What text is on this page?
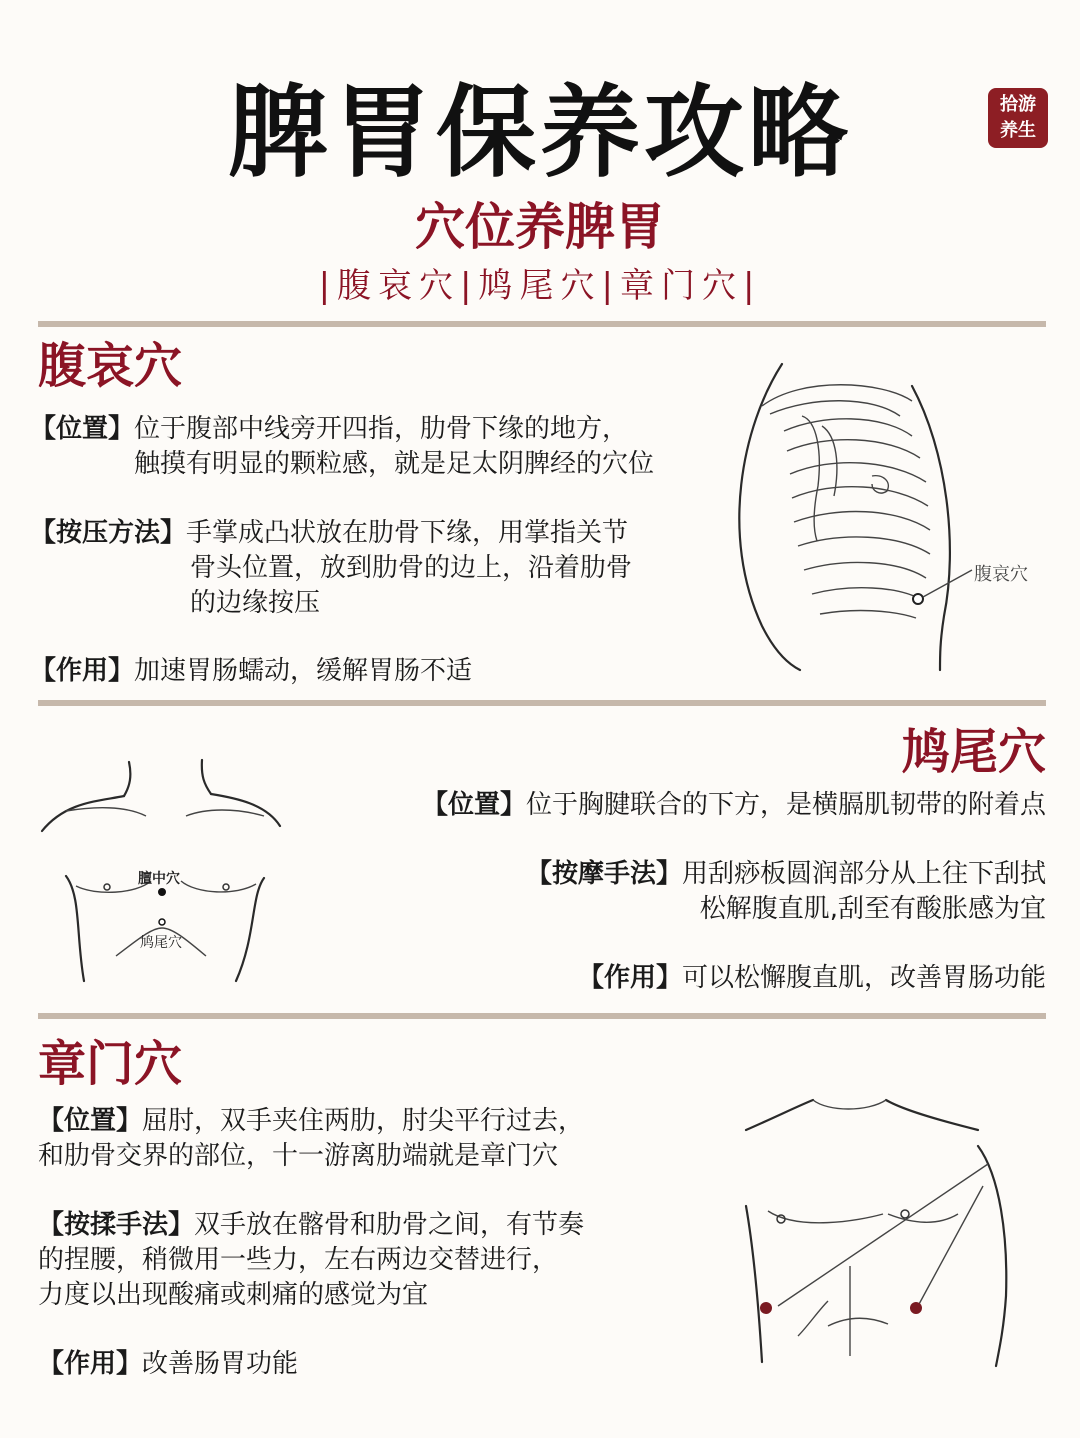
脾胃保养攻略
穴位养脾胃
|腹哀穴|鸠尾穴|章门穴|
拾游
养生
腹哀穴
【位置】位于腹部中线旁开四指，肋骨下缘的地方，
触摸有明显的颗粒感，就是足太阴脾经的穴位
【按压方法】手掌成凸状放在肋骨下缘，用掌指关节
骨头位置，放到肋骨的边上，沿着肋骨
的边缘按压
【作用】加速胃肠蠕动，缓解胃肠不适
腹哀穴
鸠尾穴
【位置】位于胸腱联合的下方，是横膈肌韧带的附着点
【按摩手法】用刮痧板圆润部分从上往下刮拭
松解腹直肌,刮至有酸胀感为宜
【作用】可以松懈腹直肌，改善胃肠功能
膻中穴
鸠尾穴
章门穴
【位置】屈肘，双手夹住两肋，肘尖平行过去，
和肋骨交界的部位，十一游离肋端就是章门穴
【按揉手法】双手放在髂骨和肋骨之间，有节奏
的捏腰，稍微用一些力，左右两边交替进行，
力度以出现酸痛或刺痛的感觉为宜
【作用】改善肠胃功能
